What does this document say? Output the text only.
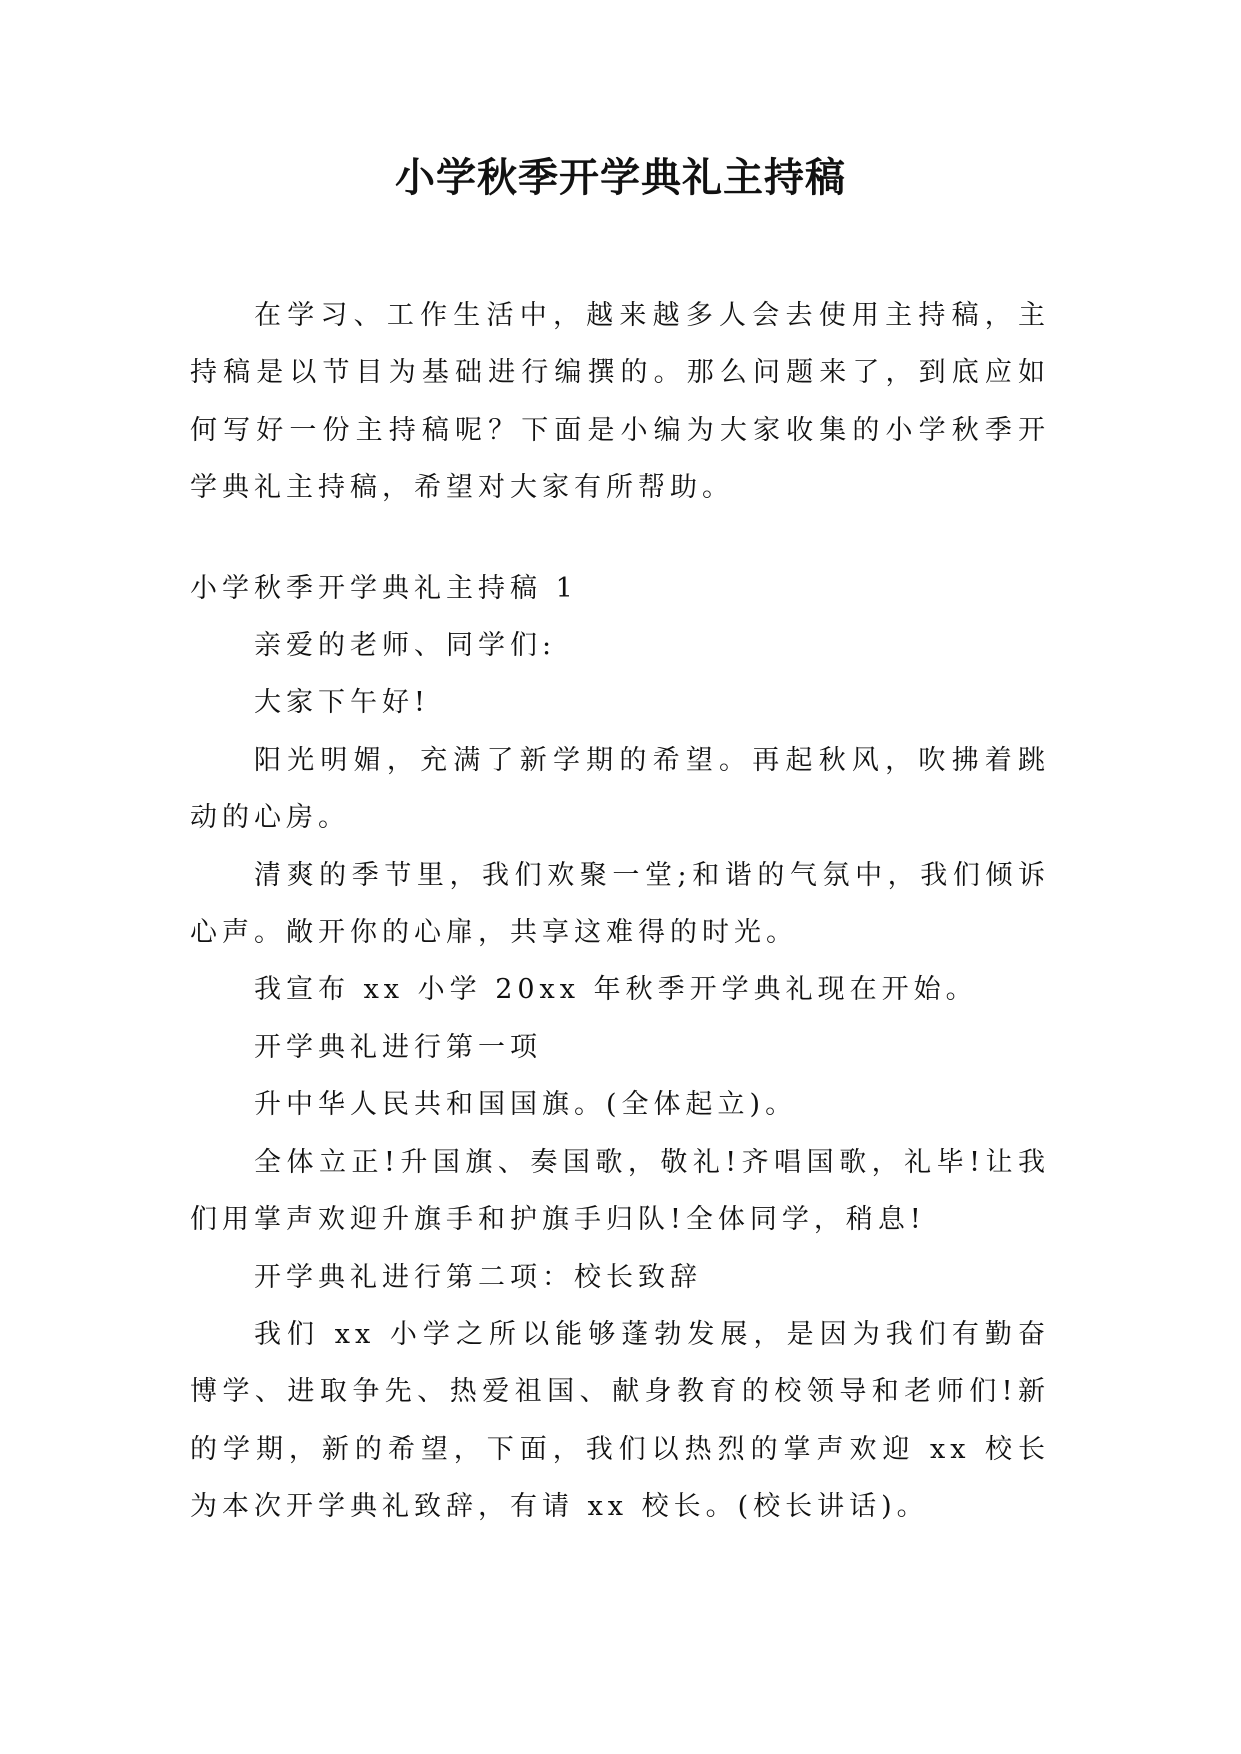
小学秋季开学典礼主持稿

在学习、工作生活中，越来越多人会去使用主持稿，主持稿是以节目为基础进行编撰的。那么问题来了，到底应如何写好一份主持稿呢？下面是小编为大家收集的小学秋季开学典礼主持稿，希望对大家有所帮助。

小学秋季开学典礼主持稿 1

亲爱的老师、同学们:

大家下午好!

阳光明媚，充满了新学期的希望。再起秋风，吹拂着跳动的心房。

清爽的季节里，我们欢聚一堂;和谐的气氛中，我们倾诉心声。敞开你的心扉，共享这难得的时光。

我宣布 xx 小学 20xx 年秋季开学典礼现在开始。

开学典礼进行第一项

升中华人民共和国国旗。(全体起立)。

全体立正!升国旗、奏国歌，敬礼!齐唱国歌，礼毕!让我们用掌声欢迎升旗手和护旗手归队!全体同学，稍息!

开学典礼进行第二项：校长致辞

我们 xx 小学之所以能够蓬勃发展，是因为我们有勤奋博学、进取争先、热爱祖国、献身教育的校领导和老师们!新的学期，新的希望，下面，我们以热烈的掌声欢迎 xx 校长为本次开学典礼致辞，有请 xx 校长。(校长讲话)。
